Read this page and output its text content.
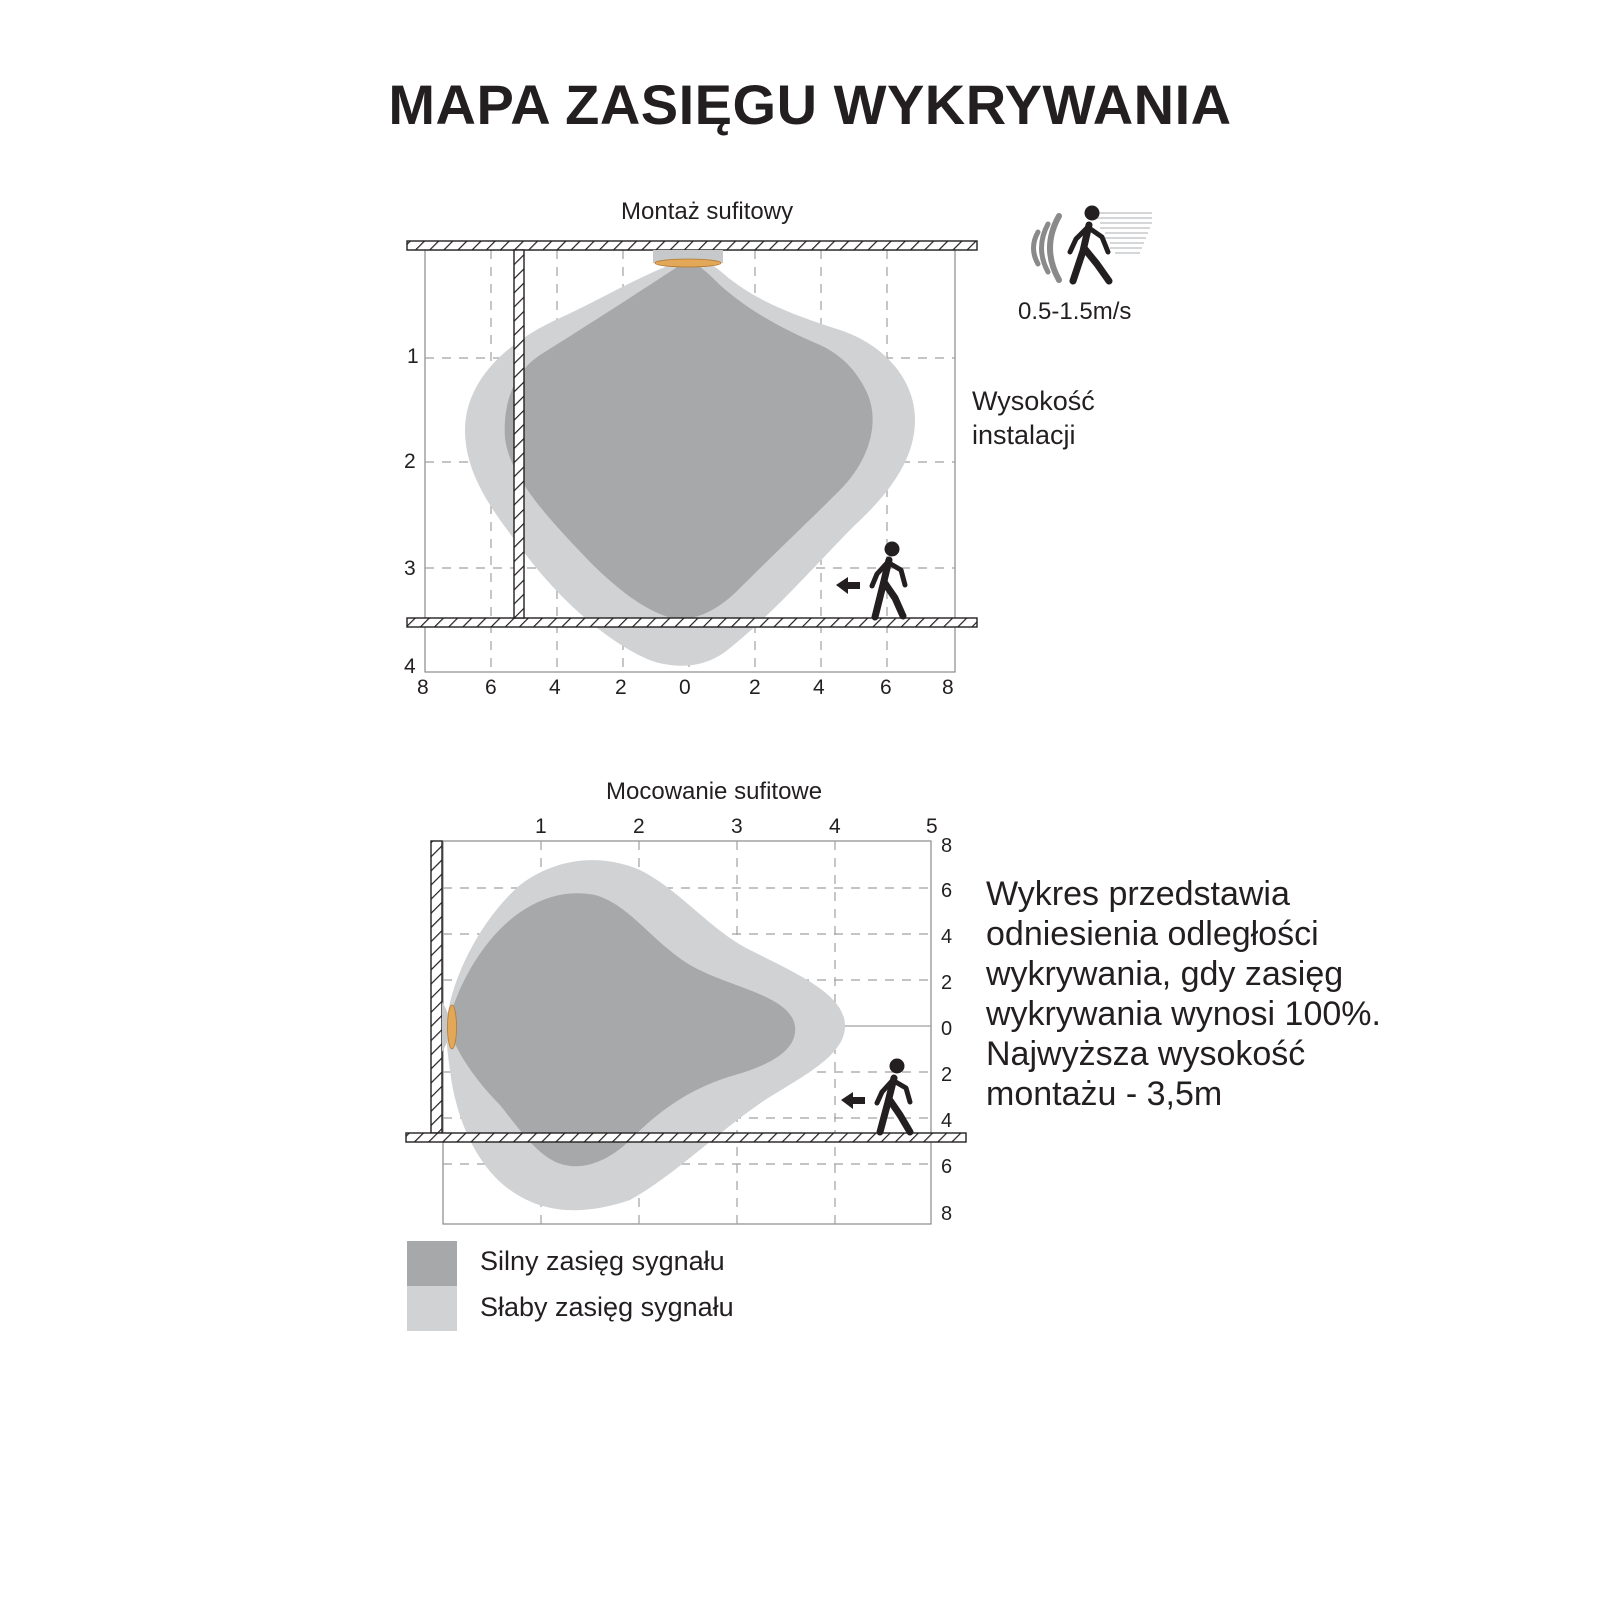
MAPA ZASIĘGU WYKRYWANIA
Montaż sufitowy
1
2
3
4
8	6 4	2 0	2 4	6 8
Wysokość
instalacji
0.5-1.5m/s
Mocowanie sufitowe
1	2	3	4	5
8
6
4
2
0
2
4
6
8
Wykres przedstawia
odniesienia odległości
wykrywania, gdy zasięg
wykrywania wynosi 100%.
Najwyższa wysokość
montażu - 3,5m
Silny zasięg sygnału
Słaby zasięg sygnału
